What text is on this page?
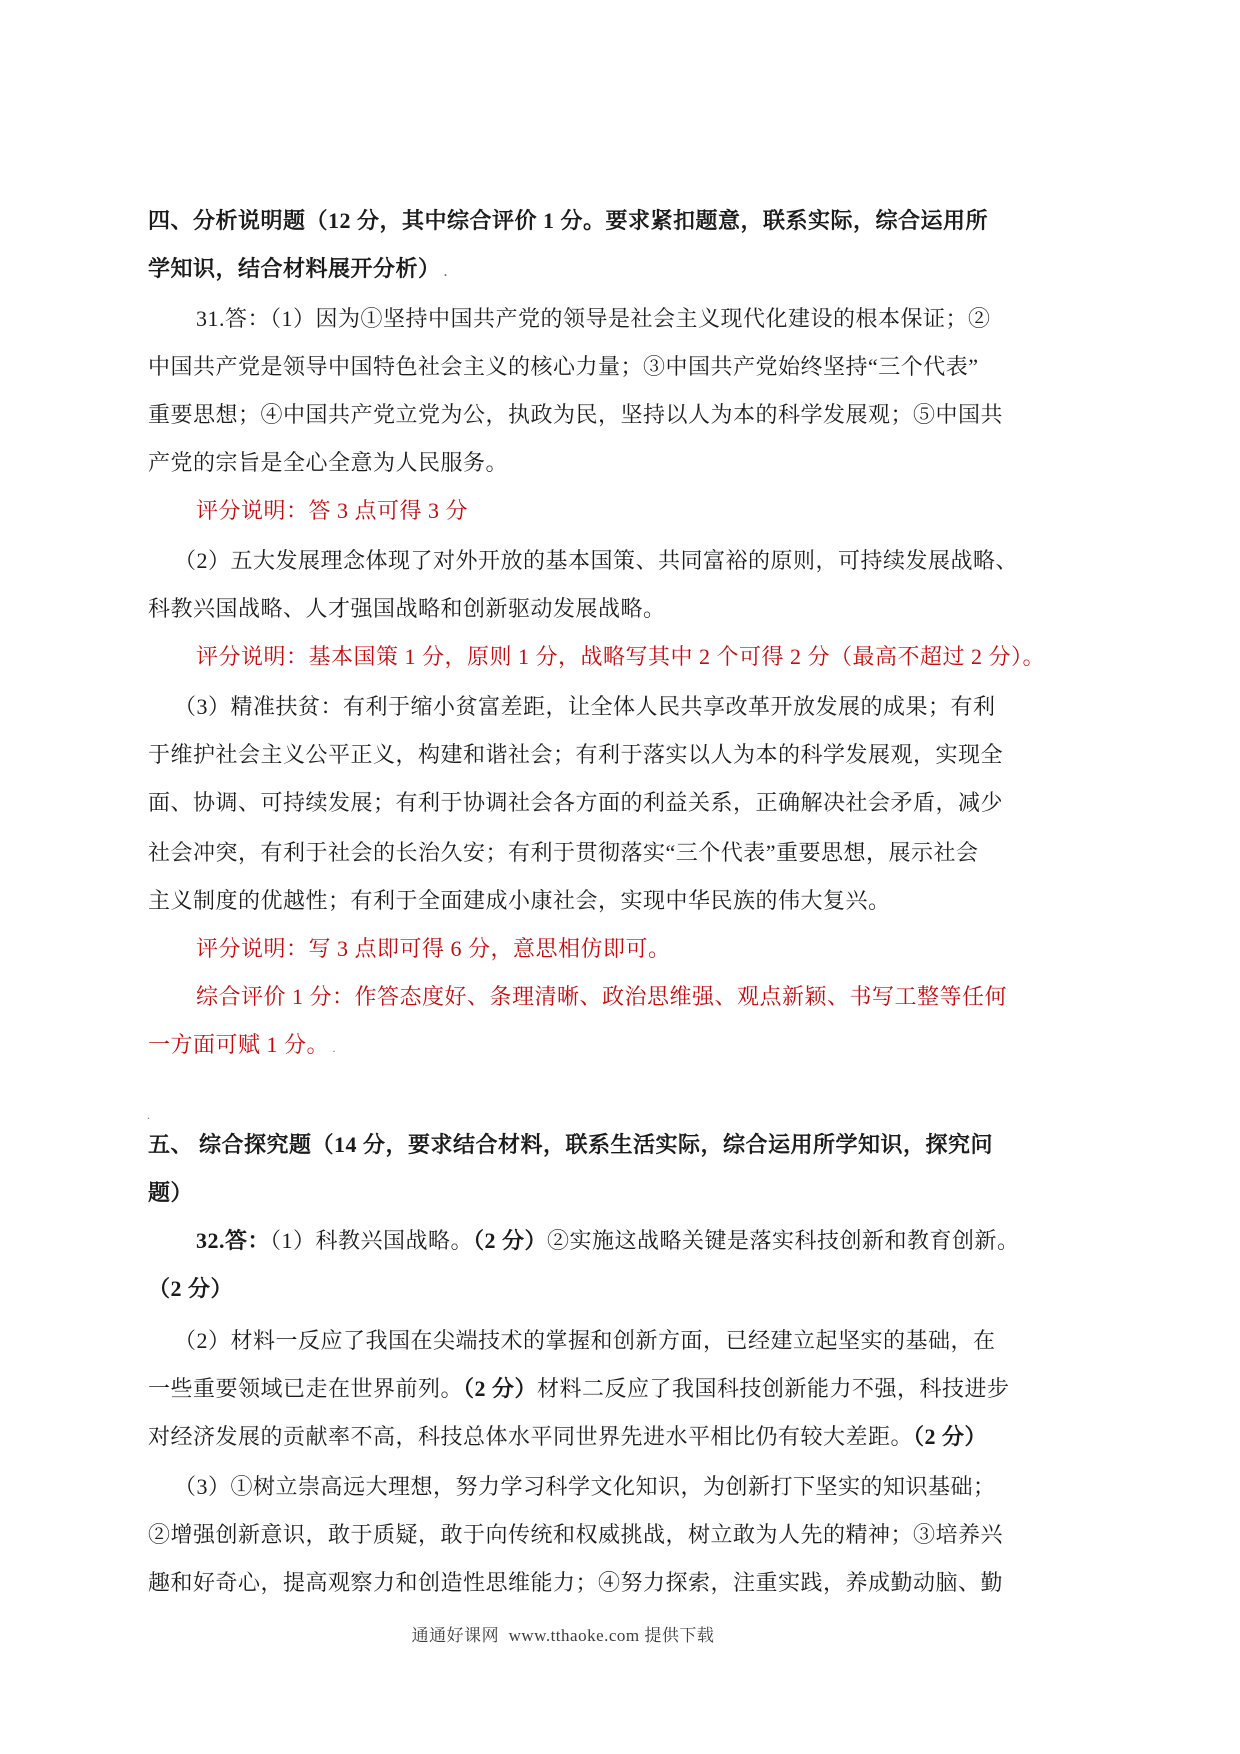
四、分析说明题（12 分，其中综合评价 1 分。要求紧扣题意，联系实际，综合运用所
学知识，结合材料展开分析） .
31.答：（1）因为①坚持中国共产党的领导是社会主义现代化建设的根本保证；②
中国共产党是领导中国特色社会主义的核心力量；③中国共产党始终坚持“三个代表”
重要思想；④中国共产党立党为公，执政为民，坚持以人为本的科学发展观；⑤中国共
产党的宗旨是全心全意为人民服务。
评分说明：答 3 点可得 3 分
（2）五大发展理念体现了对外开放的基本国策、共同富裕的原则，可持续发展战略、
科教兴国战略、人才强国战略和创新驱动发展战略。
评分说明：基本国策 1 分，原则 1 分，战略写其中 2 个可得 2 分（最高不超过 2 分）。
（3）精准扶贫：有利于缩小贫富差距，让全体人民共享改革开放发展的成果；有利
于维护社会主义公平正义，构建和谐社会；有利于落实以人为本的科学发展观，实现全
面、协调、可持续发展；有利于协调社会各方面的利益关系，正确解决社会矛盾，减少
社会冲突，有利于社会的长治久安；有利于贯彻落实“三个代表”重要思想，展示社会
主义制度的优越性；有利于全面建成小康社会，实现中华民族的伟大复兴。
评分说明：写 3 点即可得 6 分，意思相仿即可。
综合评价 1 分：作答态度好、条理清晰、政治思维强、观点新颖、书写工整等任何
一方面可赋 1 分。 .
.
五、 综合探究题（14 分，要求结合材料，联系生活实际，综合运用所学知识，探究问
题）
32.答：（1）科教兴国战略。（2 分）②实施这战略关键是落实科技创新和教育创新。
（2 分）
（2）材料一反应了我国在尖端技术的掌握和创新方面，已经建立起坚实的基础，在
一些重要领域已走在世界前列。（2 分）材料二反应了我国科技创新能力不强，科技进步
对经济发展的贡献率不高，科技总体水平同世界先进水平相比仍有较大差距。（2 分）
（3）①树立崇高远大理想，努力学习科学文化知识，为创新打下坚实的知识基础；
②增强创新意识，敢于质疑，敢于向传统和权威挑战，树立敢为人先的精神；③培养兴
趣和好奇心，提高观察力和创造性思维能力；④努力探索，注重实践，养成勤动脑、勤
通通好课网  www.tthaoke.com 提供下载
